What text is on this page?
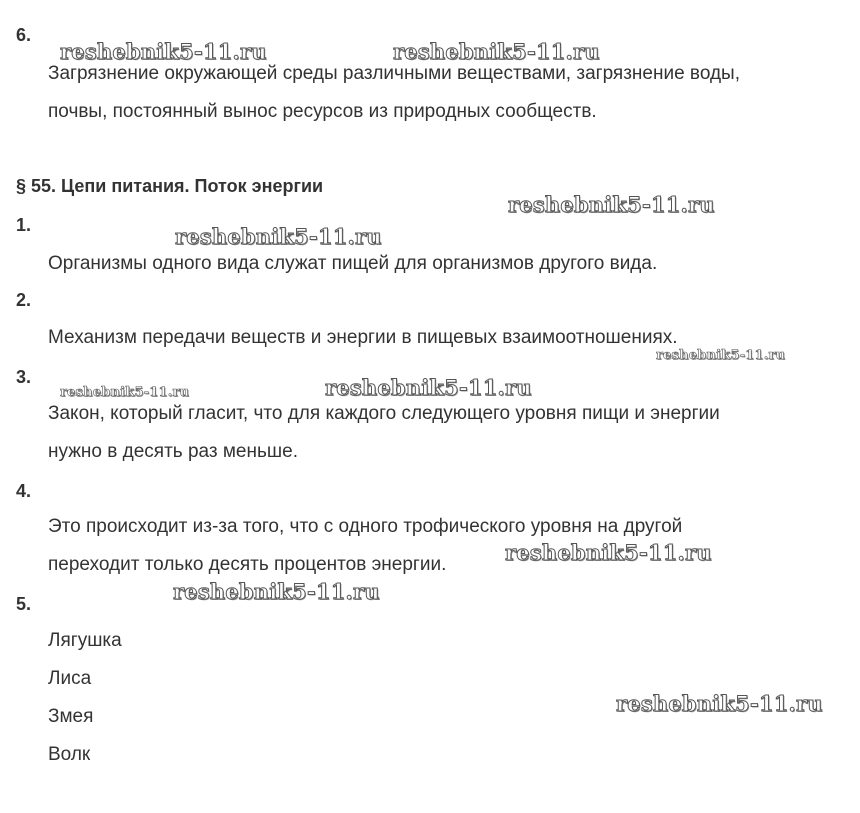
6.
Загрязнение окружающей среды различными веществами, загрязнение воды,
почвы, постоянный вынос ресурсов из природных сообществ.
§ 55. Цепи питания. Поток энергии
1.
Организмы одного вида служат пищей для организмов другого вида.
2.
Механизм передачи веществ и энергии в пищевых взаимоотношениях.
3.
Закон, который гласит, что для каждого следующего уровня пищи и энергии
нужно в десять раз меньше.
4.
Это происходит из-за того, что с одного трофического уровня на другой
переходит только десять процентов энергии.
5.
Лягушка
Лиса
Змея
Волк
reshebnik5-11.ru	reshebnik5-11.ru
reshebnik5-11.ru
reshebnik5-11.ru
reshebnik5-11.ru
reshebnik5-11.ru	reshebnik5-11.ru
reshebnik5-11.ru
reshebnik5-11.ru
reshebnik5-11.ru
